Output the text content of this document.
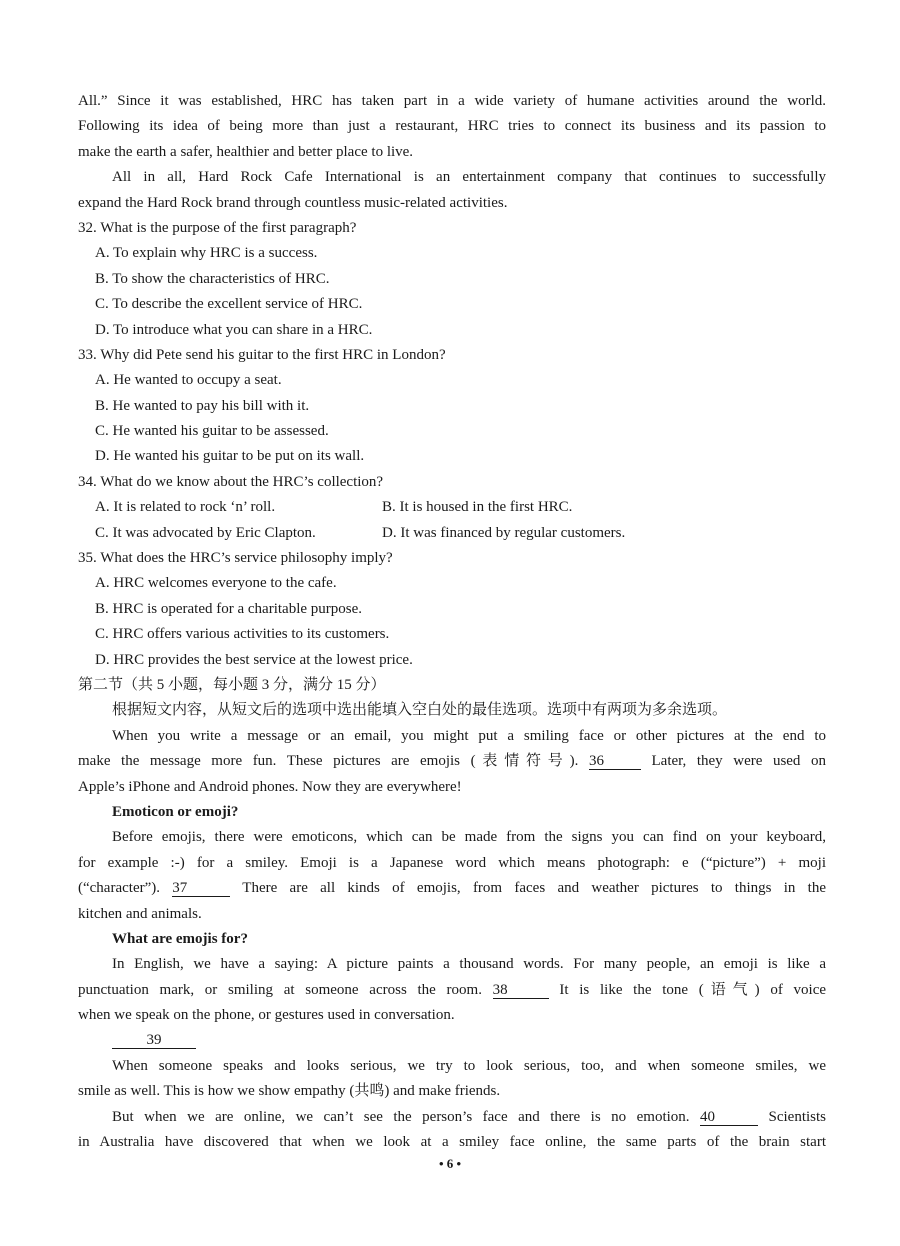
All.” Since it was established, HRC has taken part in a wide variety of humane activities around the world.
Following its idea of being more than just a restaurant, HRC tries to connect its business and its passion to
make the earth a safer, healthier and better place to live.
All in all, Hard Rock Cafe International is an entertainment company that continues to successfully
expand the Hard Rock brand through countless music-related activities.
32. What is the purpose of the first paragraph?
A. To explain why HRC is a success.
B. To show the characteristics of HRC.
C. To describe the excellent service of HRC.
D. To introduce what you can share in a HRC.
33. Why did Pete send his guitar to the first HRC in London?
A. He wanted to occupy a seat.
B. He wanted to pay his bill with it.
C. He wanted his guitar to be assessed.
D. He wanted his guitar to be put on its wall.
34. What do we know about the HRC’s collection?
A. It is related to rock ‘n’ roll.	B. It is housed in the first HRC.
C. It was advocated by Eric Clapton.	D. It was financed by regular customers.
35. What does the HRC’s service philosophy imply?
A. HRC welcomes everyone to the cafe.
B. HRC is operated for a charitable purpose.
C. HRC offers various activities to its customers.
D. HRC provides the best service at the lowest price.
第二节（共 5 小题，每小题 3 分，满分 15 分）
根据短文内容，从短文后的选项中选出能填入空白处的最佳选项。选项中有两项为多余选项。
When you write a message or an email, you might put a smiling face or other pictures at the end to
make the message more fun. These pictures are emojis (表情符号). 36	Later, they were used on
Apple’s iPhone and Android phones. Now they are everywhere!
Emoticon or emoji?
Before emojis, there were emoticons, which can be made from the signs you can find on your keyboard,
for example :-) for a smiley. Emoji is a Japanese word which means photograph: e (“picture”) + moji
(“character”). 37	There are all kinds of emojis, from faces and weather pictures to things in the
kitchen and animals.
What are emojis for?
In English, we have a saying: A picture paints a thousand words. For many people, an emoji is like a
punctuation mark, or smiling at someone across the room. 38	It is like the tone (语气) of voice
when we speak on the phone, or gestures used in conversation.
39
When someone speaks and looks serious, we try to look serious, too, and when someone smiles, we
smile as well. This is how we show empathy (共鸣) and make friends.
But when we are online, we can’t see the person’s face and there is no emotion. 40	Scientists
in Australia have discovered that when we look at a smiley face online, the same parts of the brain start
• 6 •
